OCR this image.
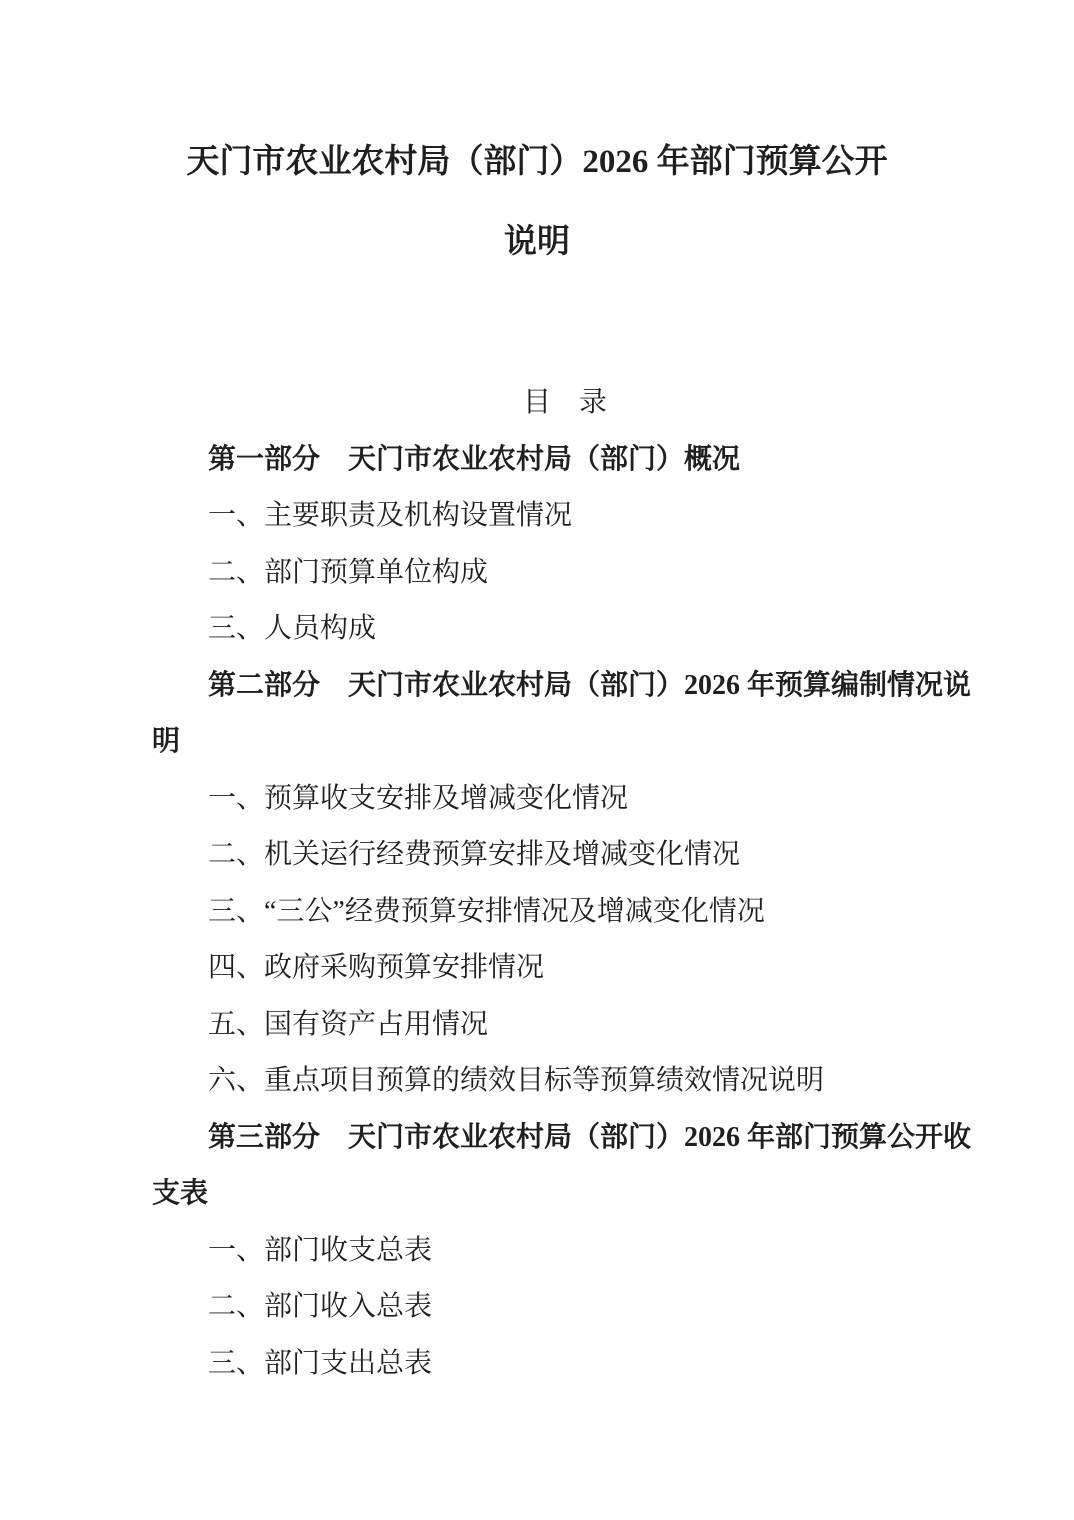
天门市农业农村局（部门）2026 年部门预算公开
说明
目　录

第一部分　天门市农业农村局（部门）概况

一、主要职责及机构设置情况

二、部门预算单位构成

三、人员构成

第二部分　天门市农业农村局（部门）2026 年预算编制情况说
明

一、预算收支安排及增减变化情况

二、机关运行经费预算安排及增减变化情况

三、“三公”经费预算安排情况及增减变化情况

四、政府采购预算安排情况

五、国有资产占用情况

六、重点项目预算的绩效目标等预算绩效情况说明

第三部分　天门市农业农村局（部门）2026 年部门预算公开收
支表

一、部门收支总表

二、部门收入总表

三、部门支出总表
